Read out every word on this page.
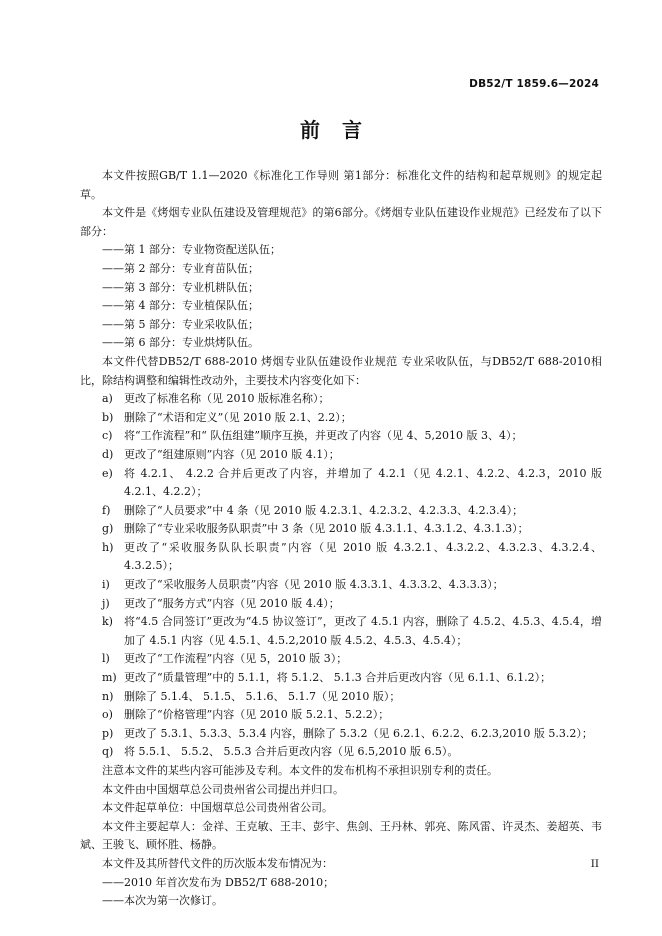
DB52/T 1859.6—2024
前言

本文件按照GB/T 1.1—2020《标准化工作导则 第1部分：标准化文件的结构和起草规则》的规定起草。

本文件是《烤烟专业队伍建设及管理规范》的第6部分。《烤烟专业队伍建设作业规范》已经发布了以下部分：

——第 1 部分：专业物资配送队伍；

——第 2 部分：专业育苗队伍；

——第 3 部分：专业机耕队伍；

——第 4 部分：专业植保队伍；

——第 5 部分：专业采收队伍；

——第 6 部分：专业烘烤队伍。

本文件代替DB52/T 688-2010 烤烟专业队伍建设作业规范 专业采收队伍，与DB52/T 688-2010相比，除结构调整和编辑性改动外，主要技术内容变化如下：

a) 更改了标准名称（见 2010 版标准名称）；
b) 删除了“术语和定义”（见 2010 版 2.1、2.2）；
c) 将“工作流程”和“ 队伍组建”顺序互换，并更改了内容（见 4、5,2010 版 3、4）；
d) 更改了“组建原则”内容（见 2010 版 4.1）；
e) 将 4.2.1、 4.2.2 合并后更改了内容，并增加了 4.2.1（见 4.2.1、4.2.2、4.2.3，2010 版 4.2.1、4.2.2）；
f) 删除了“人员要求”中 4 条（见 2010 版 4.2.3.1、4.2.3.2、4.2.3.3、4.2.3.4）；
g) 删除了“专业采收服务队职责”中 3 条（见 2010 版 4.3.1.1、4.3.1.2、4.3.1.3）；
h) 更改了“采收服务队队长职责”内容（见 2010 版 4.3.2.1、4.3.2.2、4.3.2.3、4.3.2.4、4.3.2.5）；
i) 更改了“采收服务人员职责”内容（见 2010 版 4.3.3.1、4.3.3.2、4.3.3.3）；
j) 更改了“服务方式”内容（见 2010 版 4.4）；
k) 将“4.5 合同签订”更改为“4.5 协议签订”，更改了 4.5.1 内容，删除了 4.5.2、4.5.3、4.5.4，增加了 4.5.1 内容（见 4.5.1、4.5.2,2010 版 4.5.2、4.5.3、4.5.4）；
l) 更改了“工作流程”内容（见 5，2010 版 3）；
m) 更改了“质量管理”中的 5.1.1，将 5.1.2、 5.1.3 合并后更改内容（见 6.1.1、6.1.2）；
n) 删除了 5.1.4、 5.1.5、 5.1.6、 5.1.7（见 2010 版）；
o) 删除了“价格管理”内容（见 2010 版 5.2.1、5.2.2）；
p) 更改了 5.3.1、5.3.3、5.3.4 内容，删除了 5.3.2（见 6.2.1、6.2.2、6.2.3,2010 版 5.3.2）；
q) 将 5.5.1、 5.5.2、 5.5.3 合并后更改内容（见 6.5,2010 版 6.5）。

注意本文件的某些内容可能涉及专利。本文件的发布机构不承担识别专利的责任。

本文件由中国烟草总公司贵州省公司提出并归口。

本文件起草单位：中国烟草总公司贵州省公司。

本文件主要起草人：金祥、王克敏、王丰、彭宇、焦剑、王丹林、郭亮、陈风雷、许灵杰、姜超英、韦斌、王骏飞、顾怀胜、杨静。

本文件及其所替代文件的历次版本发布情况为：

——2010 年首次发布为 DB52/T 688-2010；

——本次为第一次修订。

II
